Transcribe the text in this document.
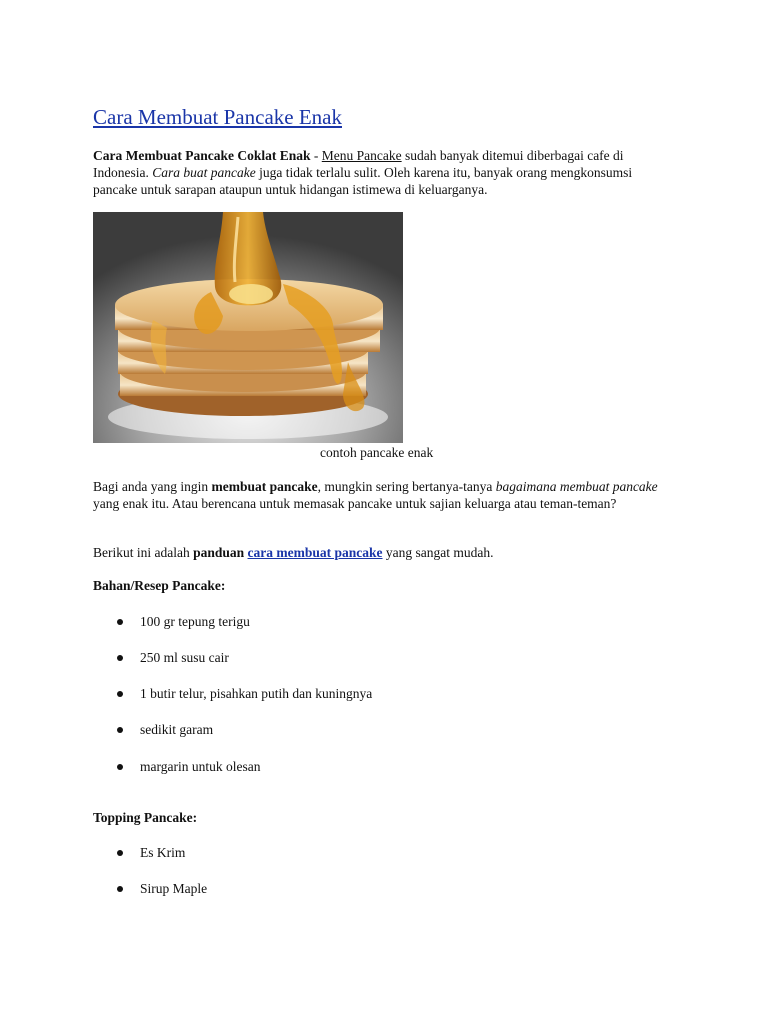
Cara Membuat Pancake Enak

Cara Membuat Pancake Coklat Enak - Menu Pancake sudah banyak ditemui diberbagai cafe di Indonesia. Cara buat pancake juga tidak terlalu sulit. Oleh karena itu, banyak orang mengkonsumsi pancake untuk sarapan ataupun untuk hidangan istimewa di keluarganya.

contoh pancake enak

Bagi anda yang ingin membuat pancake, mungkin sering bertanya-tanya bagaimana membuat pancake yang enak itu. Atau berencana untuk memasak pancake untuk sajian keluarga atau teman-teman?

Berikut ini adalah panduan cara membuat pancake yang sangat mudah.

Bahan/Resep Pancake:

100 gr tepung terigu
250 ml susu cair
1 butir telur, pisahkan putih dan kuningnya
sedikit garam
margarin untuk olesan

Topping Pancake:

Es Krim
Sirup Maple
